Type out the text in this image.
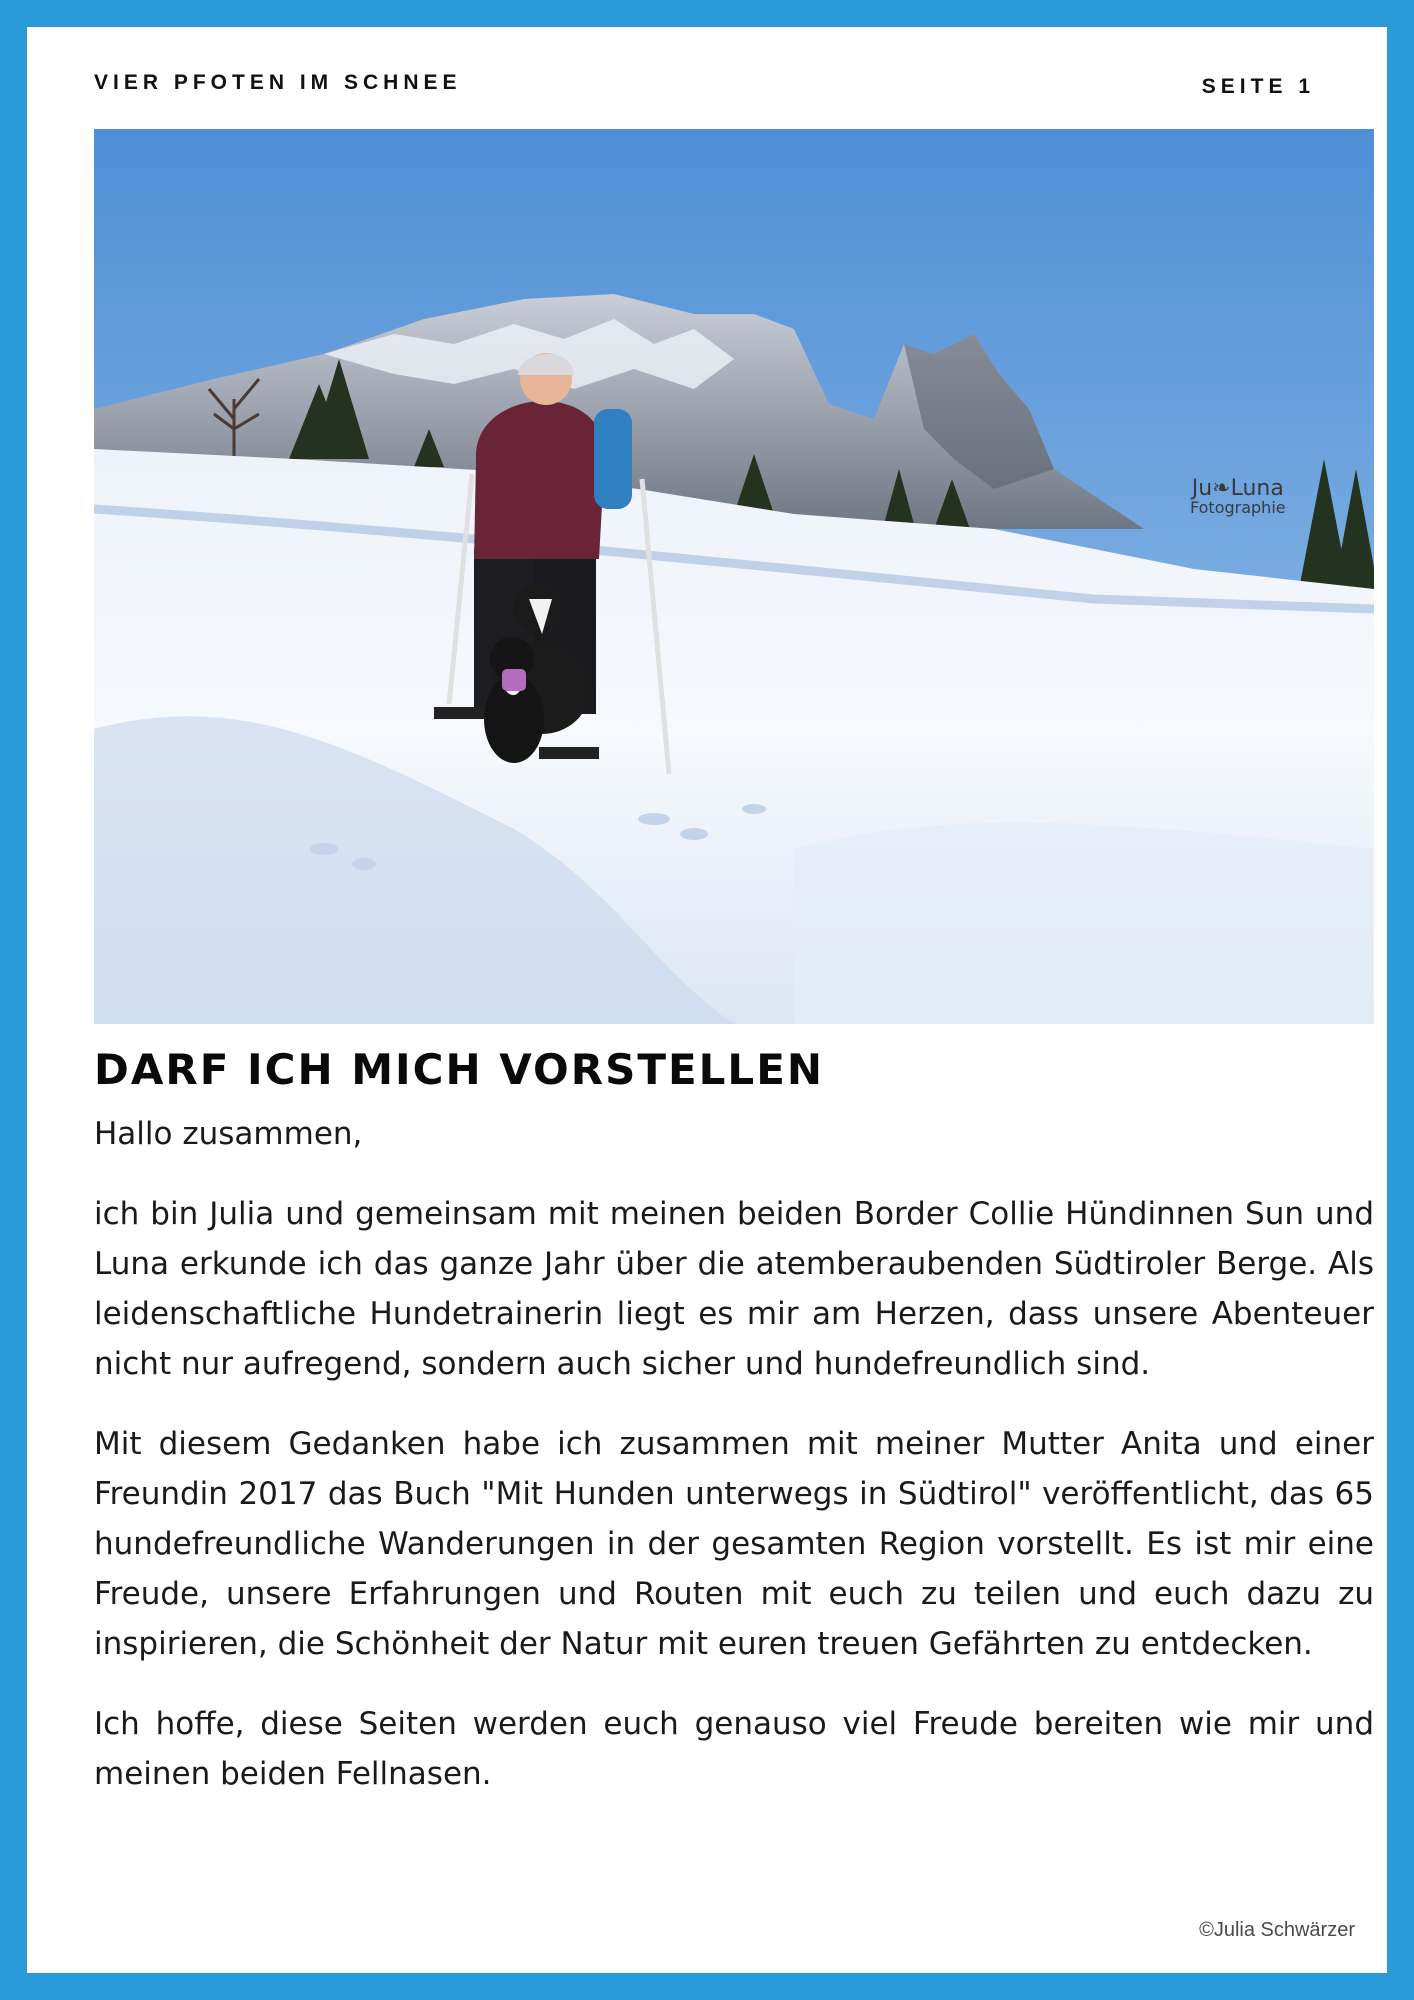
VIER PFOTEN IM SCHNEE	SEITE 1
Ju❧Luna
Fotographie
DARF ICH MICH VORSTELLEN

Hallo zusammen,

ich bin Julia und gemeinsam mit meinen beiden Border Collie Hündinnen Sun und Luna erkunde ich das ganze Jahr über die atemberaubenden Südtiroler Berge. Als leidenschaftliche Hundetrainerin liegt es mir am Herzen, dass unsere Abenteuer nicht nur aufregend, sondern auch sicher und hundefreundlich sind.

Mit diesem Gedanken habe ich zusammen mit meiner Mutter Anita und einer Freundin 2017 das Buch "Mit Hunden unterwegs in Südtirol" veröffentlicht, das 65 hundefreundliche Wanderungen in der gesamten Region vorstellt. Es ist mir eine Freude, unsere Erfahrungen und Routen mit euch zu teilen und euch dazu zu inspirieren, die Schönheit der Natur mit euren treuen Gefährten zu entdecken.

Ich hoffe, diese Seiten werden euch genauso viel Freude bereiten wie mir und meinen beiden Fellnasen.

©Julia Schwärzer
